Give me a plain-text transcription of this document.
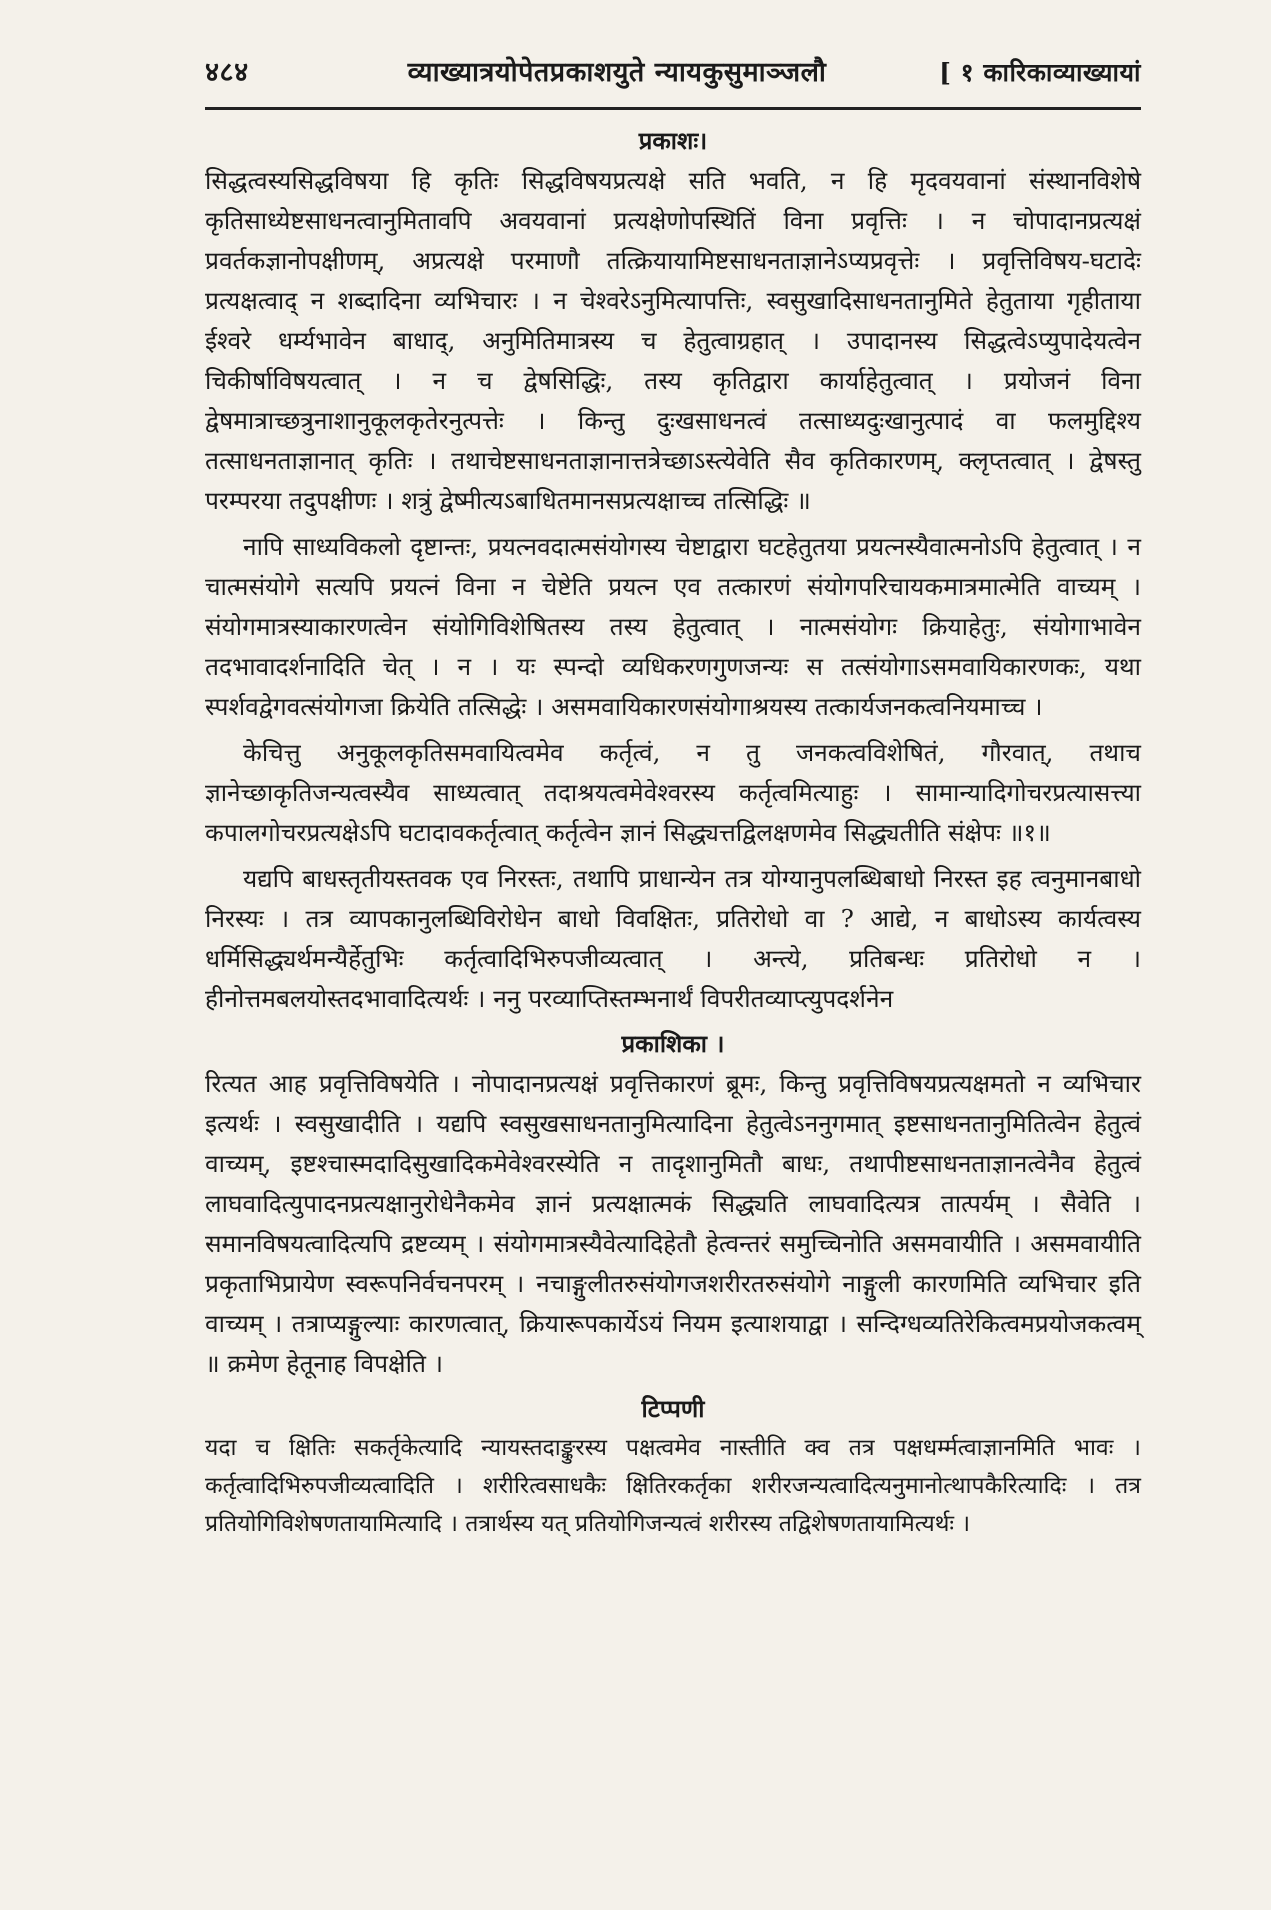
४८४	व्याख्यात्रयोपेतप्रकाशयुते न्यायकुसुमाञ्जलौ	[ १ कारिकाव्याख्यायां
प्रकाशः।

सिद्धत्वस्यसिद्धविषया हि कृतिः सिद्धविषयप्रत्यक्षे सति भवति, न हि मृदवयवानां संस्थानविशेषे कृतिसाध्येष्टसाधनत्वानुमितावपि अवयवानां प्रत्यक्षेणोपस्थितिं विना प्रवृत्तिः । न चोपादानप्रत्यक्षं प्रवर्तकज्ञानोपक्षीणम्, अप्रत्यक्षे परमाणौ तत्क्रियायामिष्टसाधनताज्ञानेऽप्यप्रवृत्तेः । प्रवृत्तिविषय-घटादेः प्रत्यक्षत्वाद् न शब्दादिना व्यभिचारः । न चेश्वरेऽनुमित्यापत्तिः, स्वसुखादिसाधनतानुमिते हेतुताया गृहीताया ईश्वरे धर्म्यभावेन बाधाद्, अनुमितिमात्रस्य च हेतुत्वाग्रहात् । उपादानस्य सिद्धत्वेऽप्युपादेयत्वेन चिकीर्षाविषयत्वात् । न च द्वेषसिद्धिः, तस्य कृतिद्वारा कार्याहेतुत्वात् । प्रयोजनं विना द्वेषमात्राच्छत्रुनाशानुकूलकृतेरनुत्पत्तेः । किन्तु दुःखसाधनत्वं तत्साध्यदुःखानुत्पादं वा फलमुद्दिश्य तत्साधनताज्ञानात् कृतिः । तथाचेष्टसाधनताज्ञानात्तत्रेच्छाऽस्त्येवेति सैव कृतिकारणम्, क्लृप्तत्वात् । द्वेषस्तु परम्परया तदुपक्षीणः । शत्रुं द्वेष्मीत्यऽबाधितमानसप्रत्यक्षाच्च तत्सिद्धिः ॥

नापि साध्यविकलो दृष्टान्तः, प्रयत्नवदात्मसंयोगस्य चेष्टाद्वारा घटहेतुतया प्रयत्नस्यैवात्मनोऽपि हेतुत्वात् । न चात्मसंयोगे सत्यपि प्रयत्नं विना न चेष्टेति प्रयत्न एव तत्कारणं संयोगपरिचायकमात्रमात्मेति वाच्यम् । संयोगमात्रस्याकारणत्वेन संयोगिविशेषितस्य तस्य हेतुत्वात् । नात्मसंयोगः क्रियाहेतुः, संयोगाभावेन तदभावादर्शनादिति चेत् । न । यः स्पन्दो व्यधिकरणगुणजन्यः स तत्संयोगाऽसमवायिकारणकः, यथा स्पर्शवद्वेगवत्संयोगजा क्रियेति तत्सिद्धेः । असमवायिकारणसंयोगाश्रयस्य तत्कार्यजनकत्वनियमाच्च ।

केचित्तु अनुकूलकृतिसमवायित्वमेव कर्तृत्वं, न तु जनकत्वविशेषितं, गौरवात्, तथाच ज्ञानेच्छाकृतिजन्यत्वस्यैव साध्यत्वात् तदाश्रयत्वमेवेश्वरस्य कर्तृत्वमित्याहुः । सामान्यादिगोचरप्रत्यासत्त्या कपालगोचरप्रत्यक्षेऽपि घटादावकर्तृत्वात् कर्तृत्वेन ज्ञानं सिद्ध्यत्तद्विलक्षणमेव सिद्ध्यतीति संक्षेपः ॥१॥

यद्यपि बाधस्तृतीयस्तवक एव निरस्तः, तथापि प्राधान्येन तत्र योग्यानुपलब्धिबाधो निरस्त इह त्वनुमानबाधो निरस्यः । तत्र व्यापकानुलब्धिविरोधेन बाधो विवक्षितः, प्रतिरोधो वा ? आद्ये, न बाधोऽस्य कार्यत्वस्य धर्मिसिद्ध्यर्थमन्यैर्हेतुभिः कर्तृत्वादिभिरुपजीव्यत्वात् । अन्त्ये, प्रतिबन्धः प्रतिरोधो न । हीनोत्तमबलयोस्तदभावादित्यर्थः । ननु परव्याप्तिस्तम्भनार्थं विपरीतव्याप्त्युपदर्शनेन

प्रकाशिका ।

रित्यत आह प्रवृत्तिविषयेति । नोपादानप्रत्यक्षं प्रवृत्तिकारणं ब्रूमः, किन्तु प्रवृत्तिविषयप्रत्यक्षमतो न व्यभिचार इत्यर्थः । स्वसुखादीति । यद्यपि स्वसुखसाधनतानुमित्यादिना हेतुत्वेऽननुगमात् इष्टसाधनतानुमितित्वेन हेतुत्वं वाच्यम्, इष्टश्चास्मदादिसुखादिकमेवेश्वरस्येति न तादृशानुमितौ बाधः, तथापीष्टसाधनताज्ञानत्वेनैव हेतुत्वं लाघवादित्युपादनप्रत्यक्षानुरोधेनैकमेव ज्ञानं प्रत्यक्षात्मकं सिद्ध्यति लाघवादित्यत्र तात्पर्यम् । सैवेति । समानविषयत्वादित्यपि द्रष्टव्यम् । संयोगमात्रस्यैवेत्यादिहेतौ हेत्वन्तरं समुच्चिनोति असमवायीति । असमवायीति प्रकृताभिप्रायेण स्वरूपनिर्वचनपरम् । नचाङ्गुलीतरुसंयोगजशरीरतरुसंयोगे नाङ्गुली कारणमिति व्यभिचार इति वाच्यम् । तत्राप्यङ्गुल्याः कारणत्वात्, क्रियारूपकार्येऽयं नियम इत्याशयाद्वा । सन्दिग्धव्यतिरेकित्वमप्रयोजकत्वम् ॥ क्रमेण हेतूनाह विपक्षेति ।

टिप्पणी

यदा च क्षितिः सकर्तृकेत्यादि न्यायस्तदाङ्कुरस्य पक्षत्वमेव नास्तीति क्व तत्र पक्षधर्म्मत्वाज्ञानमिति भावः । कर्तृत्वादिभिरुपजीव्यत्वादिति । शरीरित्वसाधकैः क्षितिरकर्तृका शरीरजन्यत्वादित्यनुमानोत्थापकैरित्यादिः । तत्र प्रतियोगिविशेषणतायामित्यादि । तत्रार्थस्य यत् प्रतियोगिजन्यत्वं शरीरस्य तद्विशेषणतायामित्यर्थः ।
